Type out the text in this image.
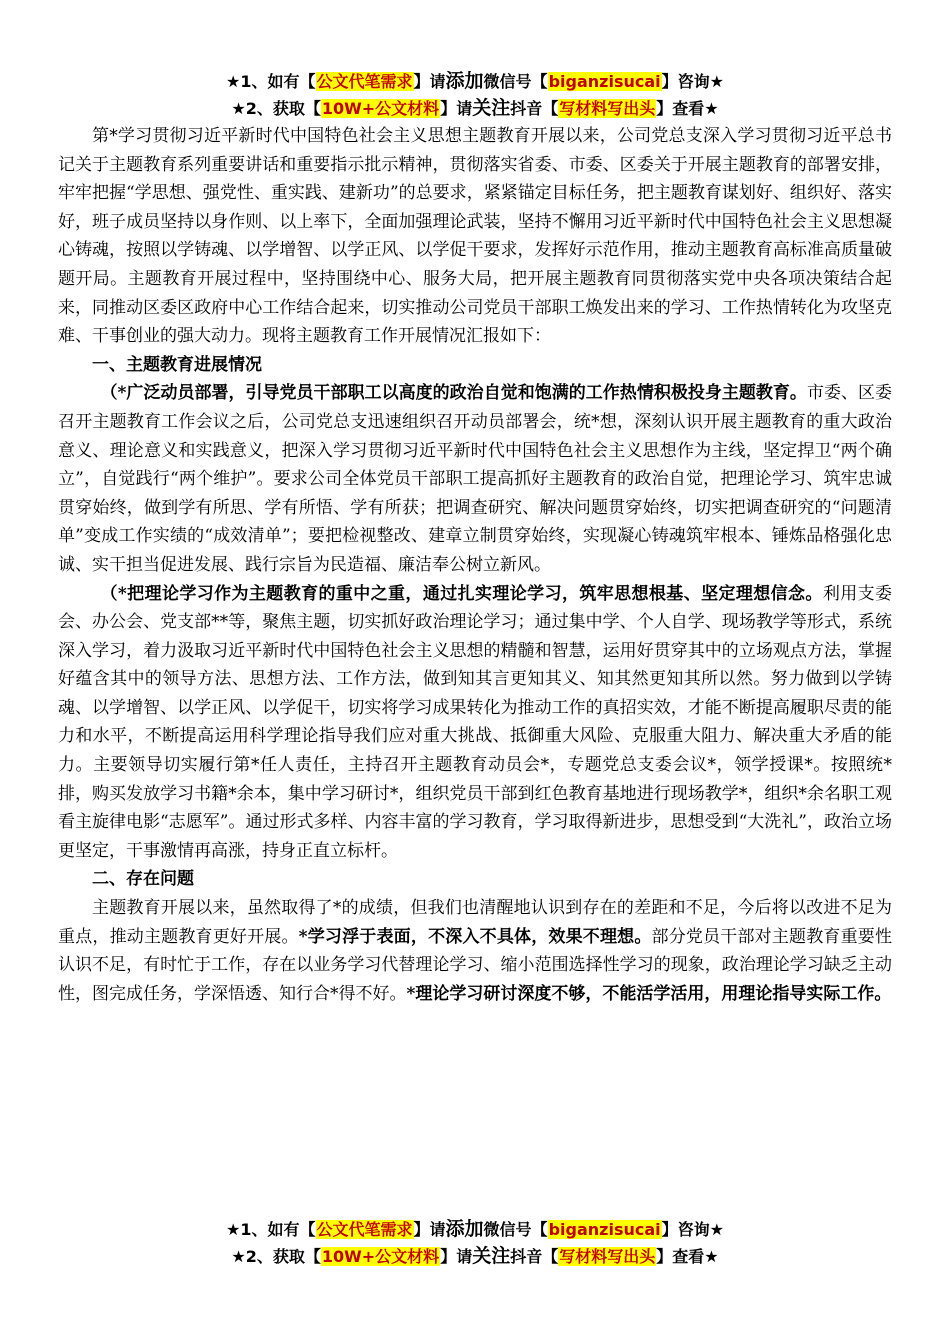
★1、如有【公文代笔需求】请添加微信号【biganzisucai】咨询★
★2、获取【10W+公文材料】请关注抖音【写材料写出头】查看★

第*学习贯彻习近平新时代中国特色社会主义思想主题教育开展以来，公司党总支深入学习贯彻习近平总书记关于主题教育系列重要讲话和重要指示批示精神，贯彻落实省委、市委、区委关于开展主题教育的部署安排，牢牢把握“学思想、强党性、重实践、建新功”的总要求，紧紧锚定目标任务，把主题教育谋划好、组织好、落实好，班子成员坚持以身作则、以上率下，全面加强理论武装，坚持不懈用习近平新时代中国特色社会主义思想凝心铸魂，按照以学铸魂、以学增智、以学正风、以学促干要求，发挥好示范作用，推动主题教育高标准高质量破题开局。主题教育开展过程中，坚持围绕中心、服务大局，把开展主题教育同贯彻落实党中央各项决策结合起来，同推动区委区政府中心工作结合起来，切实推动公司党员干部职工焕发出来的学习、工作热情转化为攻坚克难、干事创业的强大动力。现将主题教育工作开展情况汇报如下：

一、主题教育进展情况

（*广泛动员部署，引导党员干部职工以高度的政治自觉和饱满的工作热情积极投身主题教育。市委、区委召开主题教育工作会议之后，公司党总支迅速组织召开动员部署会，统*想，深刻认识开展主题教育的重大政治意义、理论意义和实践意义，把深入学习贯彻习近平新时代中国特色社会主义思想作为主线，坚定捍卫“两个确立”，自觉践行“两个维护”。要求公司全体党员干部职工提高抓好主题教育的政治自觉，把理论学习、筑牢忠诚贯穿始终，做到学有所思、学有所悟、学有所获；把调查研究、解决问题贯穿始终，切实把调查研究的“问题清单”变成工作实绩的“成效清单”；要把检视整改、建章立制贯穿始终，实现凝心铸魂筑牢根本、锤炼品格强化忠诚、实干担当促进发展、践行宗旨为民造福、廉洁奉公树立新风。

（*把理论学习作为主题教育的重中之重，通过扎实理论学习，筑牢思想根基、坚定理想信念。利用支委会、办公会、党支部**等，聚焦主题，切实抓好政治理论学习；通过集中学、个人自学、现场教学等形式，系统深入学习，着力汲取习近平新时代中国特色社会主义思想的精髓和智慧，运用好贯穿其中的立场观点方法，掌握好蕴含其中的领导方法、思想方法、工作方法，做到知其言更知其义、知其然更知其所以然。努力做到以学铸魂、以学增智、以学正风、以学促干，切实将学习成果转化为推动工作的真招实效，才能不断提高履职尽责的能力和水平，不断提高运用科学理论指导我们应对重大挑战、抵御重大风险、克服重大阻力、解决重大矛盾的能力。主要领导切实履行第*任人责任，主持召开主题教育动员会*，专题党总支委会议*，领学授课*。按照统*排，购买发放学习书籍*余本，集中学习研讨*，组织党员干部到红色教育基地进行现场教学*，组织*余名职工观看主旋律电影“志愿军”。通过形式多样、内容丰富的学习教育，学习取得新进步，思想受到“大洗礼”，政治立场更坚定，干事激情再高涨，持身正直立标杆。

二、存在问题

主题教育开展以来，虽然取得了*的成绩，但我们也清醒地认识到存在的差距和不足，今后将以改进不足为重点，推动主题教育更好开展。*学习浮于表面，不深入不具体，效果不理想。部分党员干部对主题教育重要性认识不足，有时忙于工作，存在以业务学习代替理论学习、缩小范围选择性学习的现象，政治理论学习缺乏主动性，图完成任务，学深悟透、知行合*得不好。*理论学习研讨深度不够，不能活学活用，用理论指导实际工作。

★1、如有【公文代笔需求】请添加微信号【biganzisucai】咨询★
★2、获取【10W+公文材料】请关注抖音【写材料写出头】查看★
